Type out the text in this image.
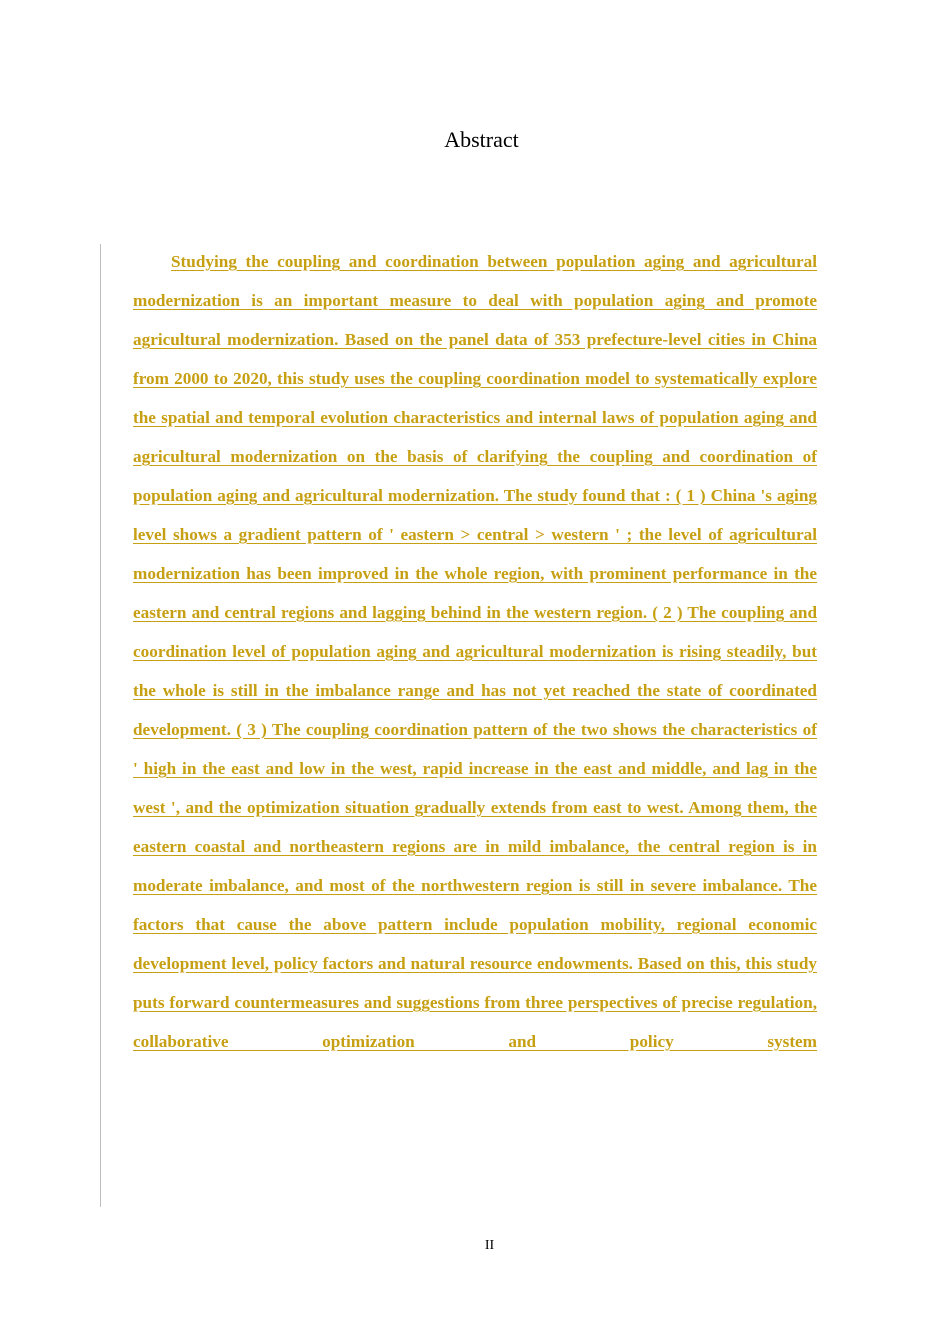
Abstract

Studying the coupling and coordination between population aging and agricultural modernization is an important measure to deal with population aging and promote agricultural modernization. Based on the panel data of 353 prefecture-level cities in China from 2000 to 2020, this study uses the coupling coordination model to systematically explore the spatial and temporal evolution characteristics and internal laws of population aging and agricultural modernization on the basis of clarifying the coupling and coordination of population aging and agricultural modernization. The study found that : ( 1 ) China 's aging level shows a gradient pattern of ' eastern > central > western ' ; the level of agricultural modernization has been improved in the whole region, with prominent performance in the eastern and central regions and lagging behind in the western region. ( 2 ) The coupling and coordination level of population aging and agricultural modernization is rising steadily, but the whole is still in the imbalance range and has not yet reached the state of coordinated development. ( 3 ) The coupling coordination pattern of the two shows the characteristics of ' high in the east and low in the west, rapid increase in the east and middle, and lag in the west ', and the optimization situation gradually extends from east to west. Among them, the eastern coastal and northeastern regions are in mild imbalance, the central region is in moderate imbalance, and most of the northwestern region is still in severe imbalance. The factors that cause the above pattern include population mobility, regional economic development level, policy factors and natural resource endowments. Based on this, this study puts forward countermeasures and suggestions from three perspectives of precise regulation, collaborative optimization and policy system

II
